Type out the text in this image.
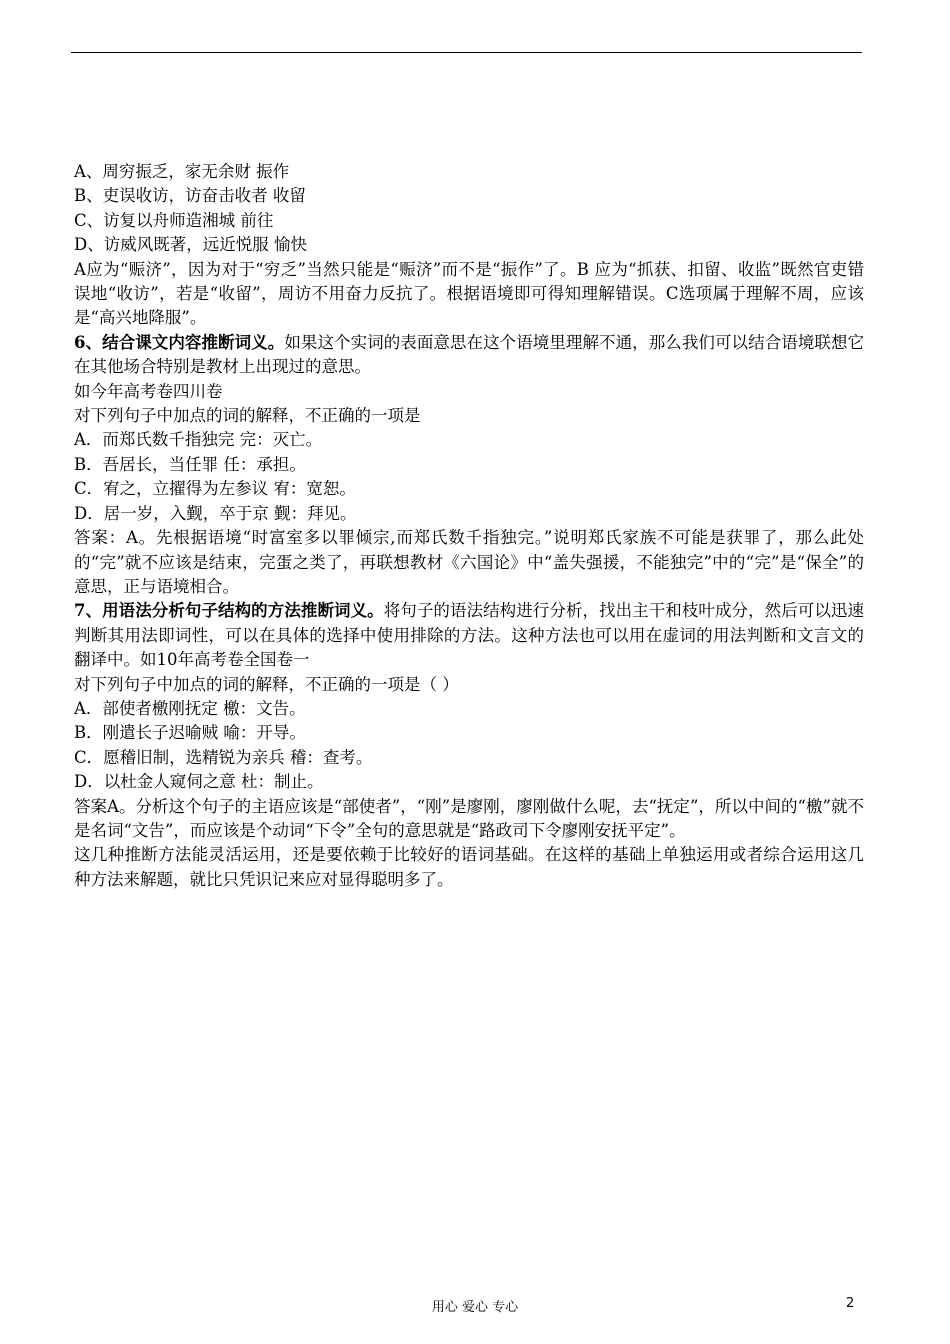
A、周穷振乏，家无余财 振作
B、吏误收访，访奋击收者 收留
C、访复以舟师造湘城 前往
D、访威风既著，远近悦服 愉快
A应为“赈济”，因为对于“穷乏”当然只能是“赈济”而不是“振作”了。B 应为“抓获、扣留、收监”既然官吏错误地“收访”，若是“收留”，周访不用奋力反抗了。根据语境即可得知理解错误。C选项属于理解不周，应该是“高兴地降服”。
6、结合课文内容推断词义。如果这个实词的表面意思在这个语境里理解不通，那么我们可以结合语境联想它在其他场合特别是教材上出现过的意思。
如今年高考卷四川卷
对下列句子中加点的词的解释，不正确的一项是
A．而郑氏数千指独完 完：灭亡。
B．吾居长，当任罪 任：承担。
C．宥之，立擢得为左参议 宥：宽恕。
D．居一岁，入觐，卒于京 觐：拜见。
答案：A。先根据语境“时富室多以罪倾宗,而郑氏数千指独完。”说明郑氏家族不可能是获罪了，那么此处的“完”就不应该是结束，完蛋之类了，再联想教材《六国论》中“盖失强援，不能独完”中的“完”是“保全”的意思，正与语境相合。
7、用语法分析句子结构的方法推断词义。将句子的语法结构进行分析，找出主干和枝叶成分，然后可以迅速判断其用法即词性，可以在具体的选择中使用排除的方法。这种方法也可以用在虚词的用法判断和文言文的翻译中。如10年高考卷全国卷一
对下列句子中加点的词的解释，不正确的一项是（ ）
A．部使者檄刚抚定 檄：文告。
B．刚遣长子迟喻贼 喻：开导。
C．愿稽旧制，选精锐为亲兵 稽：查考。
D．以杜金人窥伺之意 杜：制止。
答案A。分析这个句子的主语应该是“部使者”，“刚”是廖刚，廖刚做什么呢，去“抚定”，所以中间的“檄”就不是名词“文告”，而应该是个动词“下令”全句的意思就是“路政司下令廖刚安抚平定”。
这几种推断方法能灵活运用，还是要依赖于比较好的语词基础。在这样的基础上单独运用或者综合运用这几种方法来解题，就比只凭识记来应对显得聪明多了。
用心 爱心 专心	2
